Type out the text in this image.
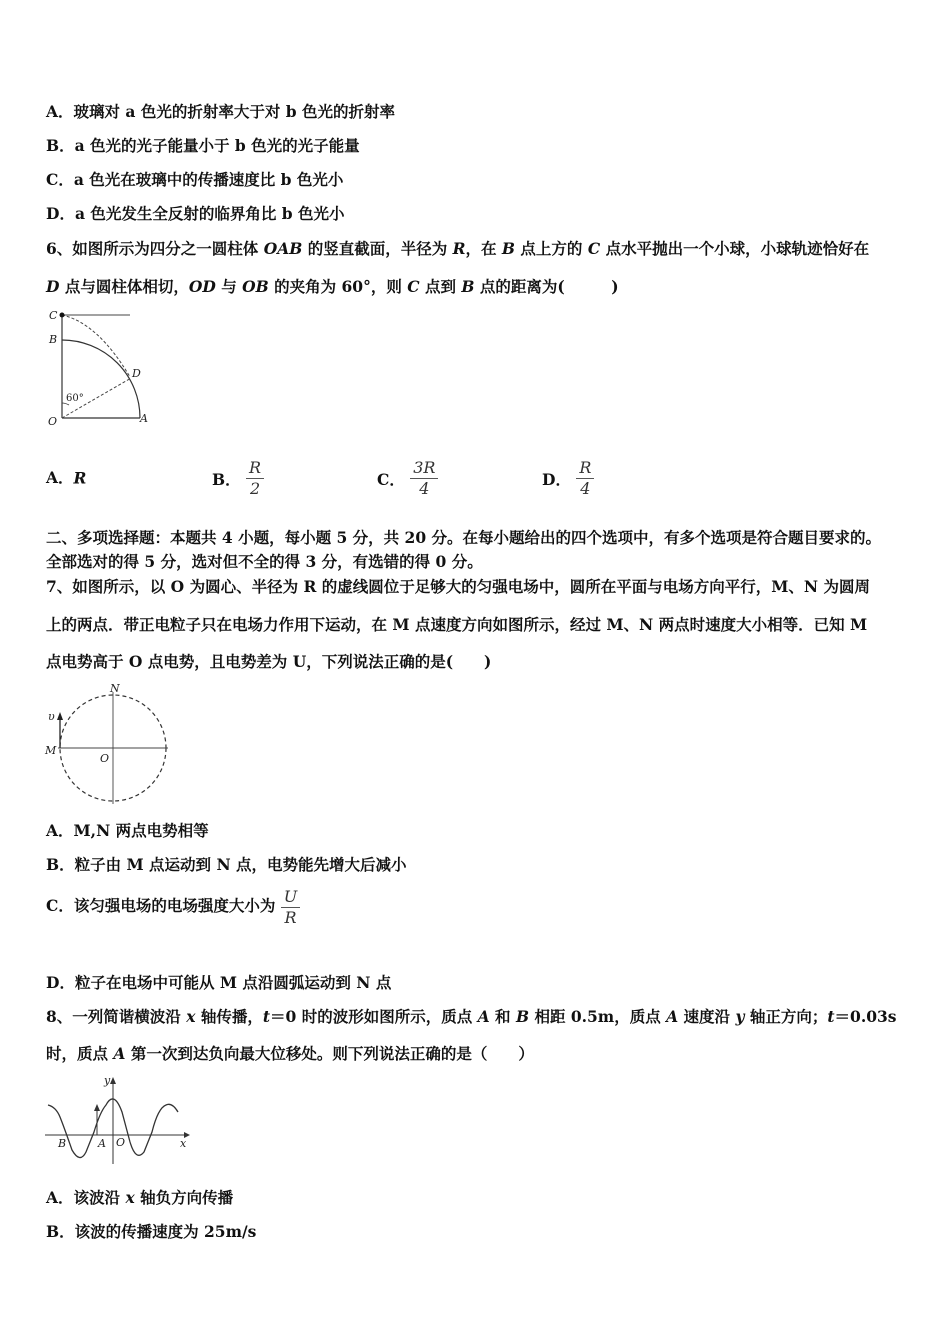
A．玻璃对 a 色光的折射率大于对 b 色光的折射率
B．a 色光的光子能量小于 b 色光的光子能量
C．a 色光在玻璃中的传播速度比 b 色光小
D．a 色光发生全反射的临界角比 b 色光小
6、如图所示为四分之一圆柱体 OAB 的竖直截面，半径为 R，在 B 点上方的 C 点水平抛出一个小球，小球轨迹恰好在
D 点与圆柱体相切，OD 与 OB 的夹角为 60°，则 C 点到 B 点的距离为(　　　)
C
B
D
O	A
60°
A．R	B． $\frac{R}{2}$	C． $\frac{3R}{4}$	D． $\frac{R}{4}$
二、多项选择题：本题共 4 小题，每小题 5 分，共 20 分。在每小题给出的四个选项中，有多个选项是符合题目要求的。
全部选对的得 5 分，选对但不全的得 3 分，有选错的得 0 分。
7、如图所示，以 O 为圆心、半径为 R 的虚线圆位于足够大的匀强电场中，圆所在平面与电场方向平行，M、N 为圆周
上的两点．带正电粒子只在电场力作用下运动，在 M 点速度方向如图所示，经过 M、N 两点时速度大小相等．已知 M
点电势高于 O 点电势，且电势差为 U，下列说法正确的是(　　)
N
υ
M
O
A．M,N 两点电势相等
B．粒子由 M 点运动到 N 点，电势能先增大后减小
C．该匀强电场的电场强度大小为 $\frac{U}{R}$
D．粒子在电场中可能从 M 点沿圆弧运动到 N 点
8、一列简谐横波沿 x 轴传播，t＝0 时的波形如图所示，质点 A 和 B 相距 0.5m，质点 A 速度沿 y 轴正方向；t＝0.03s
时，质点 A 第一次到达负向最大位移处。则下列说法正确的是（　　）
y
x
B	A O
A．该波沿 x 轴负方向传播
B．该波的传播速度为 25m/s
